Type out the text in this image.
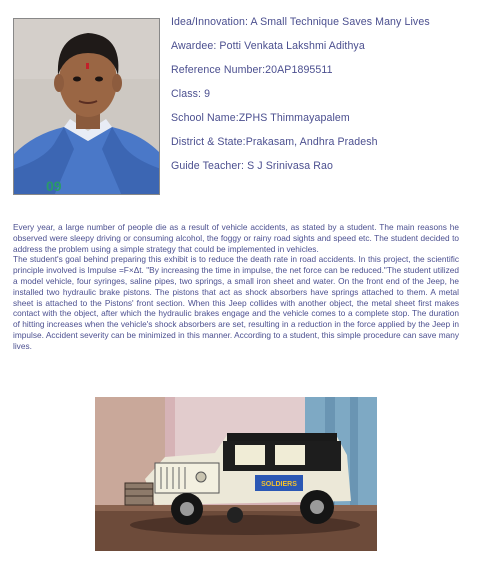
09
Idea/Innovation: A Small Technique Saves Many Lives
Awardee: Potti Venkata Lakshmi Adithya
Reference Number:20AP1895511
Class: 9
School Name:ZPHS Thimmayapalem
District & State:Prakasam, Andhra Pradesh
Guide Teacher: S J Srinivasa Rao

Every year, a large number of people die as a result of vehicle accidents, as stated by a student. The main reasons he observed were sleepy driving or consuming alcohol, the foggy or rainy road sights and speed etc. The student decided to address the problem using a simple strategy that could be implemented in vehicles.

The student's goal behind preparing this exhibit is to reduce the death rate in road accidents. In this project, the scientific principle involved is Impulse =F×Δt. "By increasing the time in impulse, the net force can be reduced."The student utilized a model vehicle, four syringes, saline pipes, two springs, a small iron sheet and water. On the front end of the Jeep, he installed two hydraulic brake pistons. The pistons that act as shock absorbers have springs attached to them. A metal sheet is attached to the Pistons' front section. When this Jeep collides with another object, the metal sheet first makes contact with the object, after which the hydraulic brakes engage and the vehicle comes to a complete stop. The duration of hitting increases when the vehicle's shock absorbers are set, resulting in a reduction in the force applied by the Jeep in impulse. Accident severity can be minimized in this manner. According to a student, this simple procedure can save many lives.

SOLDIERS
